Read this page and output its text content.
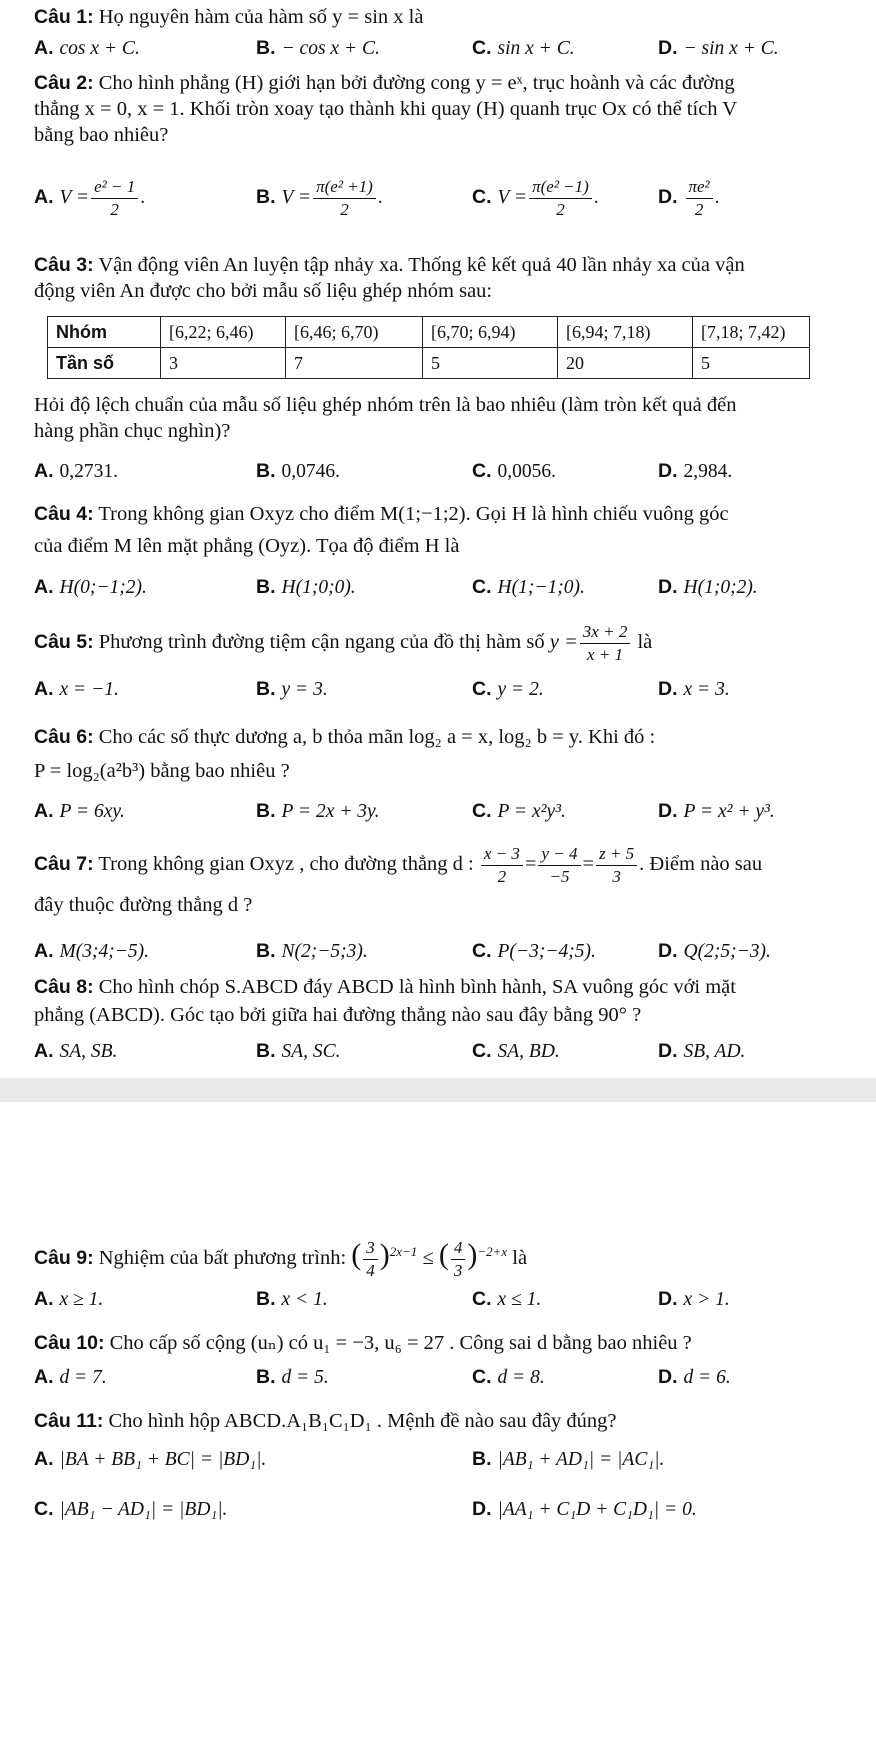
Câu 1: Họ nguyên hàm của hàm số y = sin x là
A. cos x + C.	B. − cos x + C.	C. sin x + C.	D. − sin x + C.
Câu 2: Cho hình phẳng (H) giới hạn bởi đường cong y = eˣ, trục hoành và các đường
thẳng x = 0, x = 1. Khối tròn xoay tạo thành khi quay (H) quanh trục Ox có thể tích V
bằng bao nhiêu?
A. $V = \frac{\text{e² − 1}}{2}$ .	B. $V = \frac{\text{π(e² +1)}}{2}$ .	C. $V = \frac{\text{π(e² −1)}}{2}$ .	D. $\frac{\text{πe²}}{2}$ .
Câu 3: Vận động viên An luyện tập nhảy xa. Thống kê kết quả 40 lần nhảy xa của vận
động viên An được cho bởi mẫu số liệu ghép nhóm sau:
Nhóm	[6,22; 6,46)	[6,46; 6,70)	[6,70; 6,94)	[6,94; 7,18)	[7,18; 7,42)
Tần số	3	7	5	20	5
Hỏi độ lệch chuẩn của mẫu số liệu ghép nhóm trên là bao nhiêu (làm tròn kết quả đến
hàng phần chục nghìn)?
A. 0,2731.	B. 0,0746.	C. 0,0056.	D. 2,984.
Câu 4: Trong không gian Oxyz cho điểm M(1;−1;2). Gọi H là hình chiếu vuông góc
của điểm M lên mặt phẳng (Oyz). Tọa độ điểm H là
A. H(0;−1;2).	B. H(1;0;0).	C. H(1;−1;0).	D. H(1;0;2).
Câu 5: Phương trình đường tiệm cận ngang của đồ thị hàm số $y = \frac{3x + 2}{x + 1}$ là
A. x = −1.	B. y = 3.	C. y = 2.	D. x = 3.
Câu 6: Cho các số thực dương a, b thỏa mãn log₂ a = x, log₂ b = y. Khi đó :
P = log₂(a²b³) bằng bao nhiêu ?
A. P = 6xy.	B. P = 2x + 3y.	C. P = x²y³.	D. P = x² + y³.
Câu 7: Trong không gian Oxyz , cho đường thẳng d : $\frac{x - 3}{2} = \frac{y - 4}{-5} = \frac{z + 5}{3}$ . Điểm nào sau
đây thuộc đường thẳng d ?
A. M(3;4;−5).	B. N(2;−5;3).	C. P(−3;−4;5).	D. Q(2;5;−3).
Câu 8: Cho hình chóp S.ABCD đáy ABCD là hình bình hành, SA vuông góc với mặt
phẳng (ABCD). Góc tạo bởi giữa hai đường thẳng nào sau đây bằng 90° ?
A. SA, SB.	B. SA, SC.	C. SA, BD.	D. SB, AD.
Câu 9: Nghiệm của bất phương trình: ( $\frac{3}{4} )^{2x-1}$ ≤ ( $\frac{4}{3} )^{-2+x}$ là
A. x ≥ 1.	B. x < 1.	C. x ≤ 1.	D. x > 1.
Câu 10: Cho cấp số cộng (uₙ) có u₁ = −3, u₆ = 27 . Công sai d bằng bao nhiêu ?
A. d = 7.	B. d = 5.	C. d = 8.	D. d = 6.
Câu 11: Cho hình hộp ABCD.A₁B₁C₁D₁ . Mệnh đề nào sau đây đúng?
A. |BA + BB₁ + BC| = |BD₁|.	B. |AB₁ + AD₁| = |AC₁|.
C. |AB₁ − AD₁| = |BD₁|.	D. |AA₁ + C₁D + C₁D₁| = 0.
